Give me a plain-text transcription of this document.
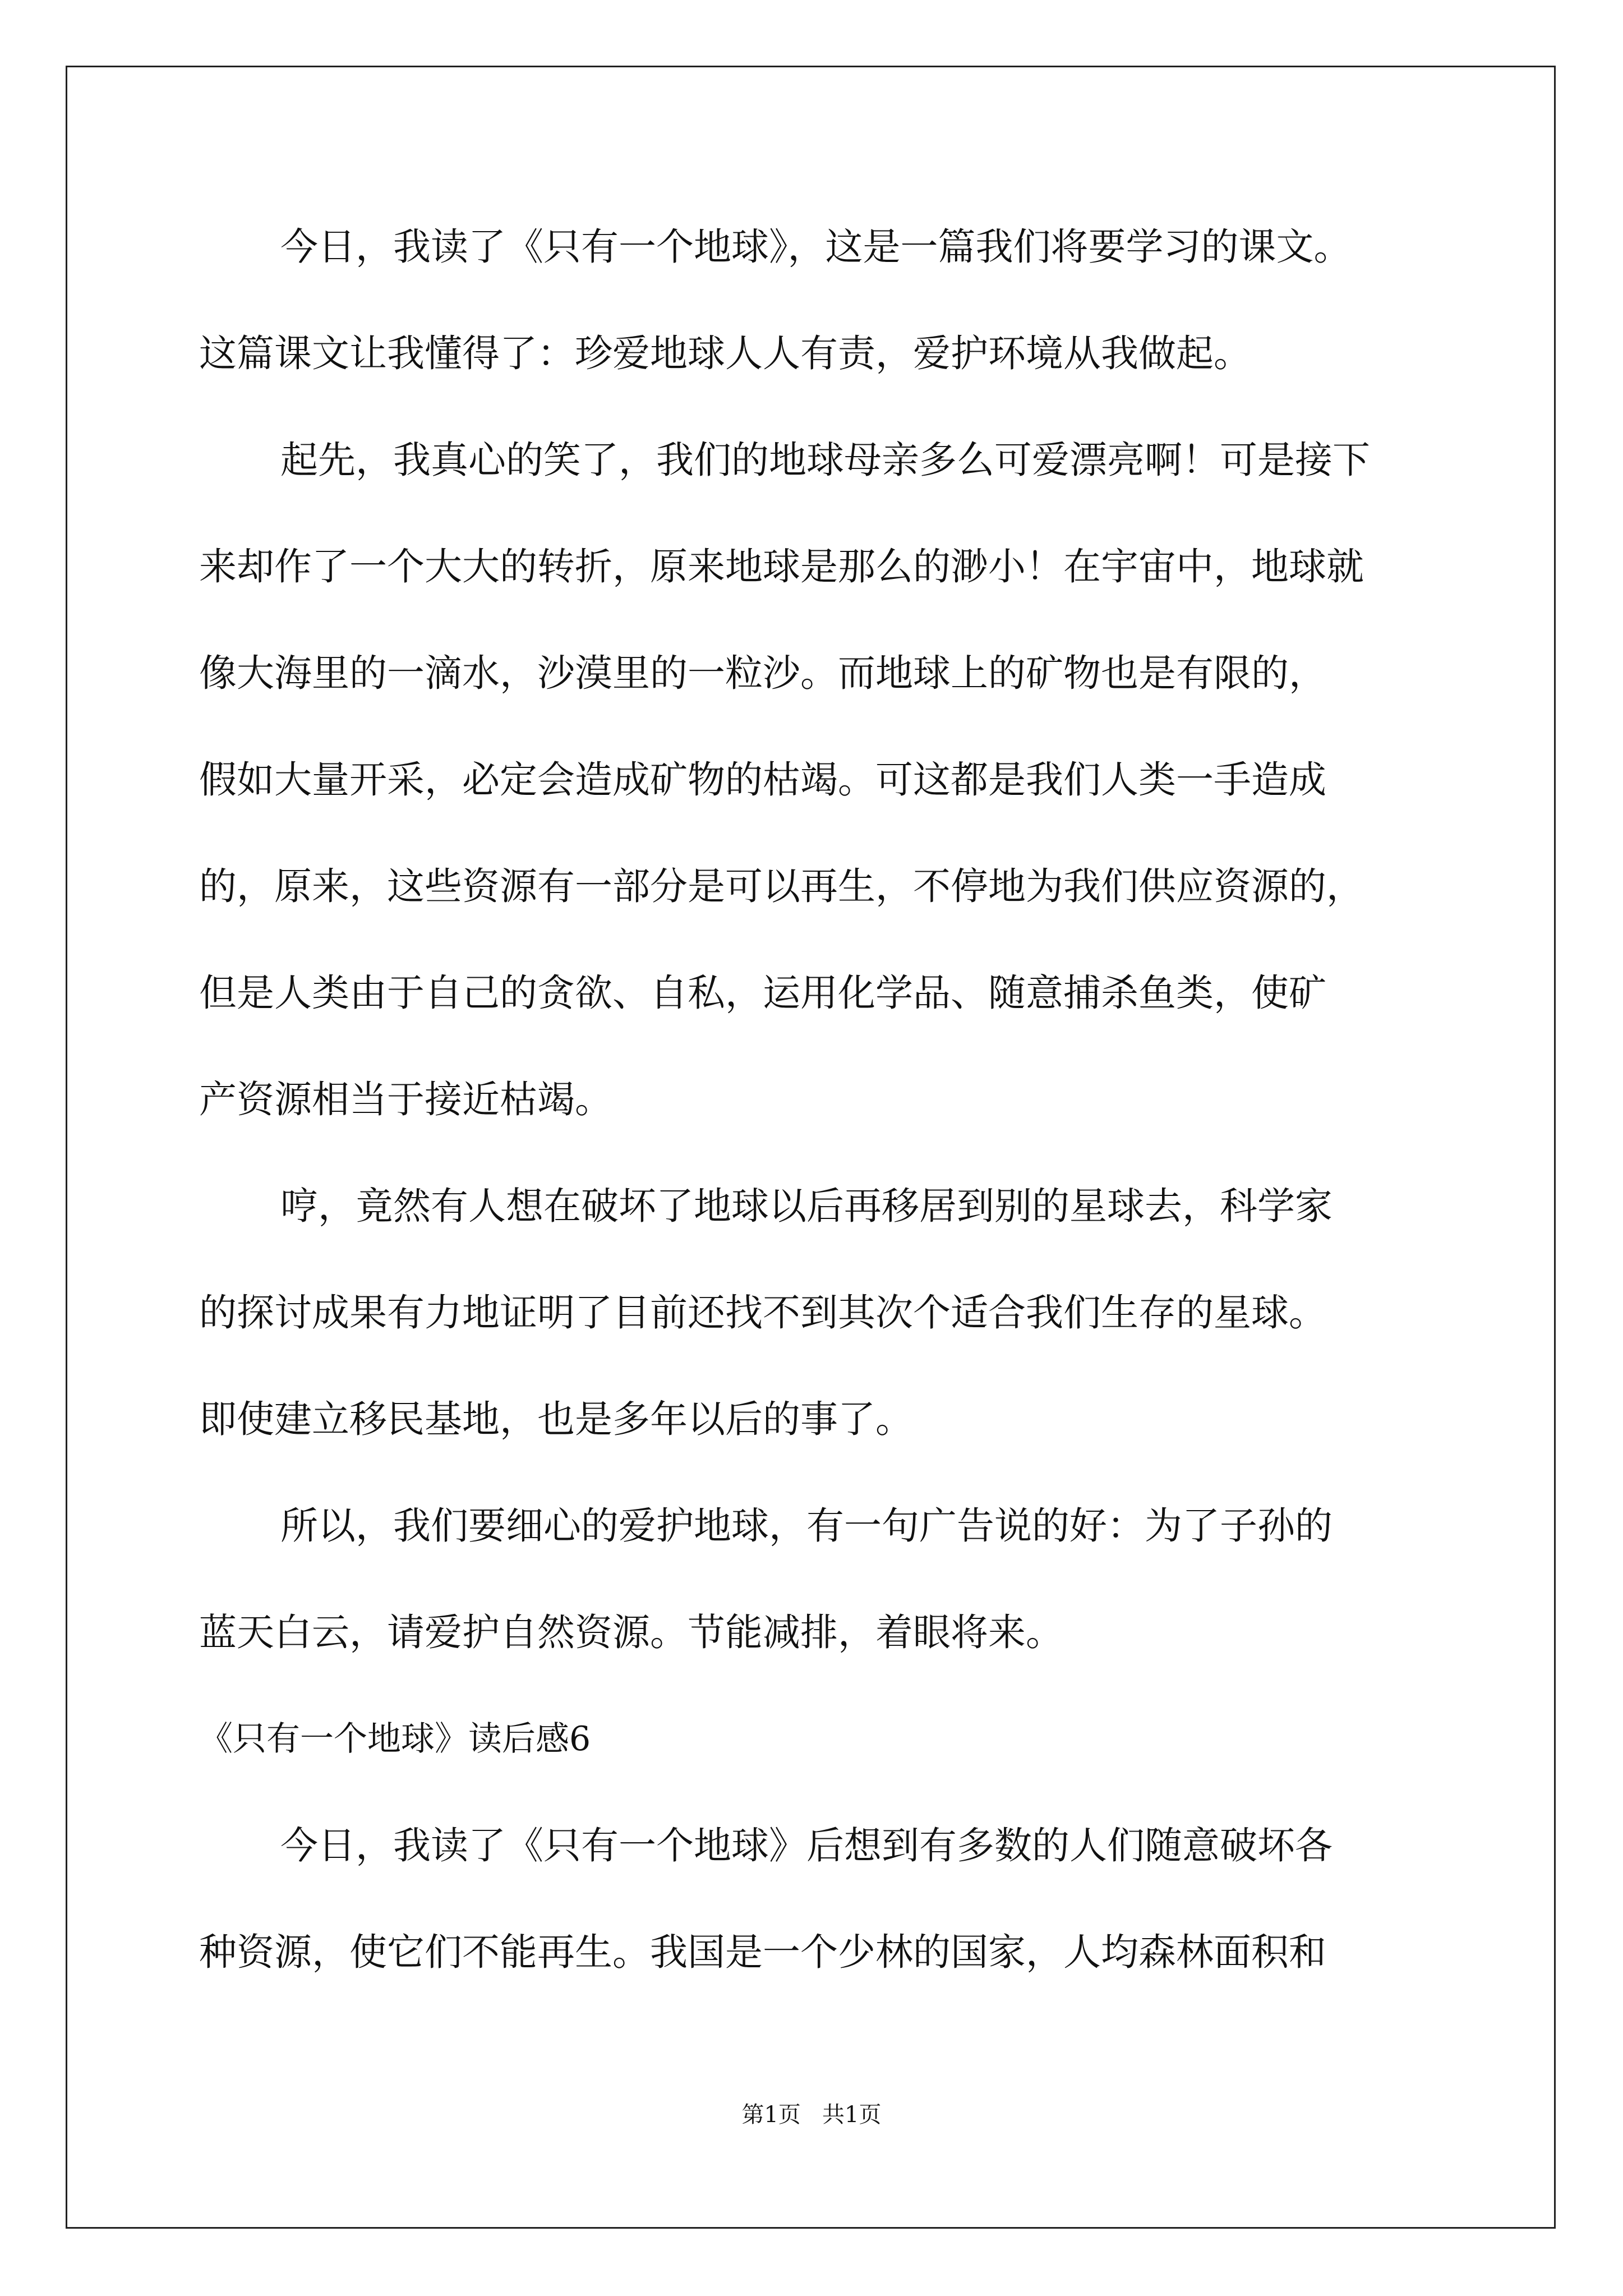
今日，我读了《只有一个地球》，这是一篇我们将要学习的课文。
这篇课文让我懂得了：珍爱地球人人有责，爱护环境从我做起。
起先，我真心的笑了，我们的地球母亲多么可爱漂亮啊！可是接下
来却作了一个大大的转折，原来地球是那么的渺小！在宇宙中，地球就
像大海里的一滴水，沙漠里的一粒沙。而地球上的矿物也是有限的，
假如大量开采，必定会造成矿物的枯竭。可这都是我们人类一手造成
的，原来，这些资源有一部分是可以再生，不停地为我们供应资源的，
但是人类由于自己的贪欲、自私，运用化学品、随意捕杀鱼类，使矿
产资源相当于接近枯竭。
哼，竟然有人想在破坏了地球以后再移居到别的星球去，科学家
的探讨成果有力地证明了目前还找不到其次个适合我们生存的星球。
即使建立移民基地，也是多年以后的事了。
所以，我们要细心的爱护地球，有一句广告说的好：为了子孙的
蓝天白云，请爱护自然资源。节能减排，着眼将来。
《只有一个地球》读后感6
今日，我读了《只有一个地球》后想到有多数的人们随意破坏各
种资源，使它们不能再生。我国是一个少林的国家，人均森林面积和
第1页   共1页
